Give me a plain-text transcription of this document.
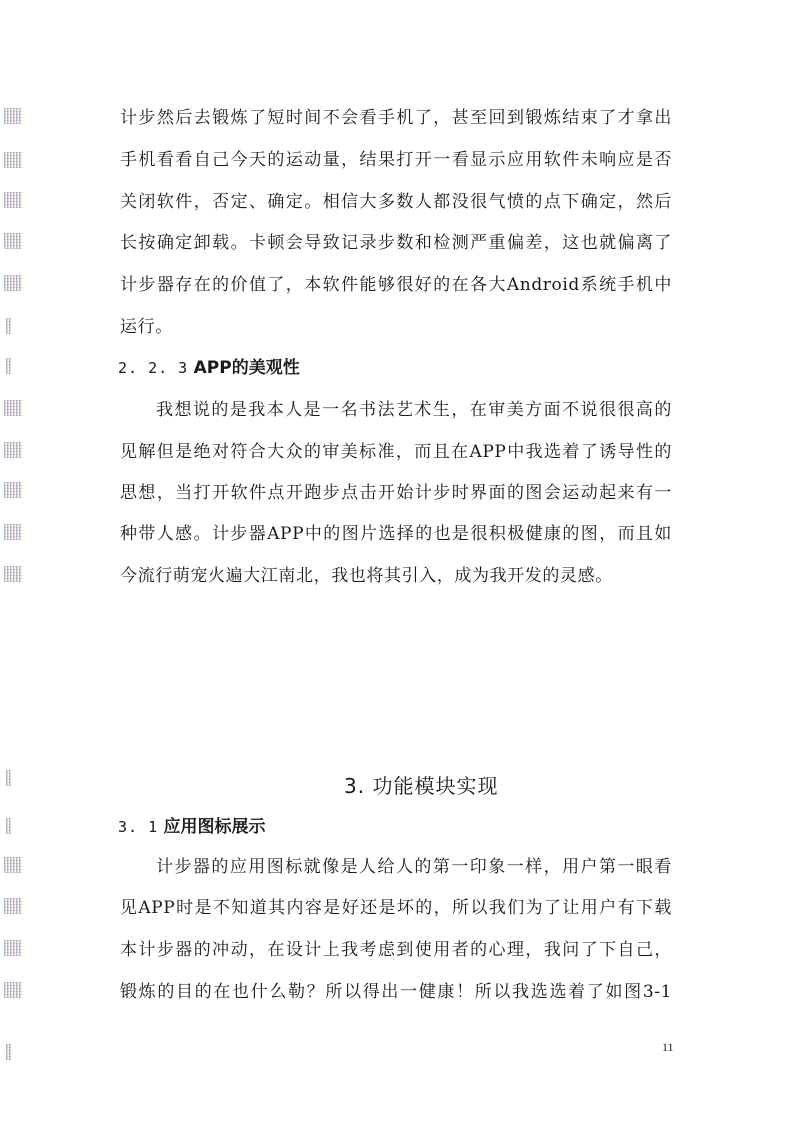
计步然后去锻炼了短时间不会看手机了，甚至回到锻炼结束了才拿出
手机看看自己今天的运动量，结果打开一看显示应用软件未响应是否
关闭软件，否定、确定。相信大多数人都没很气愤的点下确定，然后
长按确定卸载。卡顿会导致记录步数和检测严重偏差，这也就偏离了
计步器存在的价值了，本软件能够很好的在各大Android系统手机中
运行。
2. 2. 3 APP的美观性
我想说的是我本人是一名书法艺术生，在审美方面不说很很高的
见解但是绝对符合大众的审美标准，而且在APP中我选着了诱导性的
思想，当打开软件点开跑步点击开始计步时界面的图会运动起来有一
种带人感。计步器APP中的图片选择的也是很积极健康的图，而且如
今流行萌宠火遍大江南北，我也将其引入，成为我开发的灵感。
3. 功能模块实现
3. 1 应用图标展示
计步器的应用图标就像是人给人的第一印象一样，用户第一眼看
见APP时是不知道其内容是好还是坏的，所以我们为了让用户有下载
本计步器的冲动，在设计上我考虑到使用者的心理，我问了下自己，
锻炼的目的在也什么勒？所以得出一健康！所以我选选着了如图3-1
11
